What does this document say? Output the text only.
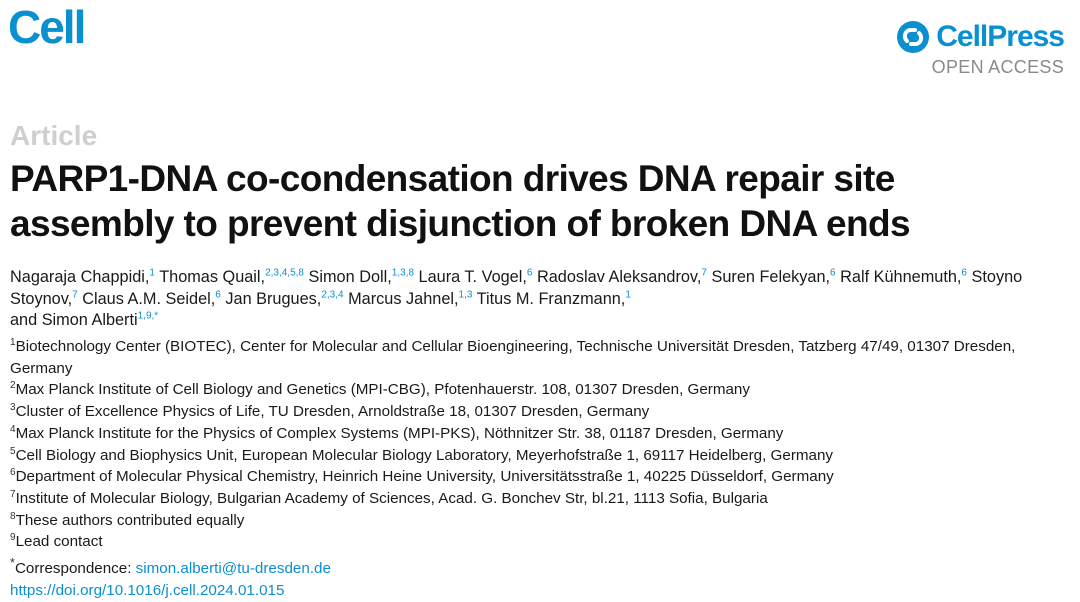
Cell	CellPress
OPEN ACCESS
Article
PARP1-DNA co-condensation drives DNA repair site assembly to prevent disjunction of broken DNA ends
Nagaraja Chappidi,$^1$ Thomas Quail,$^{2,3,4,5,8}$ Simon Doll,$^{1,3,8}$ Laura T. Vogel,$^6$ Radoslav Aleksandrov,$^7$ Suren Felekyan,$^6$ Ralf Kühnemuth,$^6$ Stoyno Stoynov,$^7$ Claus A.M. Seidel,$^6$ Jan Brugues,$^{2,3,4}$ Marcus Jahnel,$^{1,3}$ Titus M. Franzmann,$^1$
and Simon Alberti$^{1,9,*}$
$^1$Biotechnology Center (BIOTEC), Center for Molecular and Cellular Bioengineering, Technische Universität Dresden, Tatzberg 47/49, 01307 Dresden, Germany
$^2$Max Planck Institute of Cell Biology and Genetics (MPI-CBG), Pfotenhauerstr. 108, 01307 Dresden, Germany
$^3$Cluster of Excellence Physics of Life, TU Dresden, Arnoldstraße 18, 01307 Dresden, Germany
$^4$Max Planck Institute for the Physics of Complex Systems (MPI-PKS), Nöthnitzer Str. 38, 01187 Dresden, Germany
$^5$Cell Biology and Biophysics Unit, European Molecular Biology Laboratory, Meyerhofstraße 1, 69117 Heidelberg, Germany
$^6$Department of Molecular Physical Chemistry, Heinrich Heine University, Universitätsstraße 1, 40225 Düsseldorf, Germany
$^7$Institute of Molecular Biology, Bulgarian Academy of Sciences, Acad. G. Bonchev Str, bl.21, 1113 Sofia, Bulgaria
$^8$These authors contributed equally
$^9$Lead contact
*Correspondence: simon.alberti@tu-dresden.de
https://doi.org/10.1016/j.cell.2024.01.015
